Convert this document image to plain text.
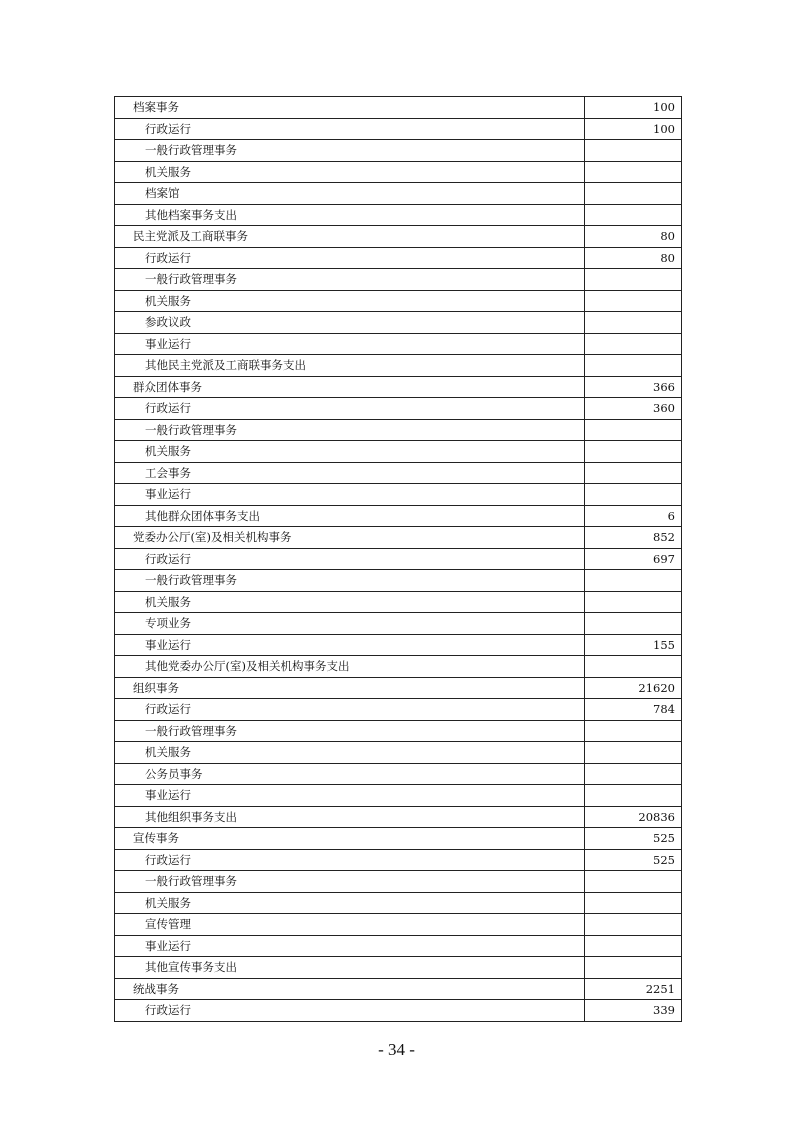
档案事务	100
行政运行	100
一般行政管理事务	
机关服务	
档案馆	
其他档案事务支出	
民主党派及工商联事务	80
行政运行	80
一般行政管理事务	
机关服务	
参政议政	
事业运行	
其他民主党派及工商联事务支出	
群众团体事务	366
行政运行	360
一般行政管理事务	
机关服务	
工会事务	
事业运行	
其他群众团体事务支出	6
党委办公厅(室)及相关机构事务	852
行政运行	697
一般行政管理事务	
机关服务	
专项业务	
事业运行	155
其他党委办公厅(室)及相关机构事务支出	
组织事务	21620
行政运行	784
一般行政管理事务	
机关服务	
公务员事务	
事业运行	
其他组织事务支出	20836
宣传事务	525
行政运行	525
一般行政管理事务	
机关服务	
宣传管理	
事业运行	
其他宣传事务支出	
统战事务	2251
行政运行	339
- 34 -
